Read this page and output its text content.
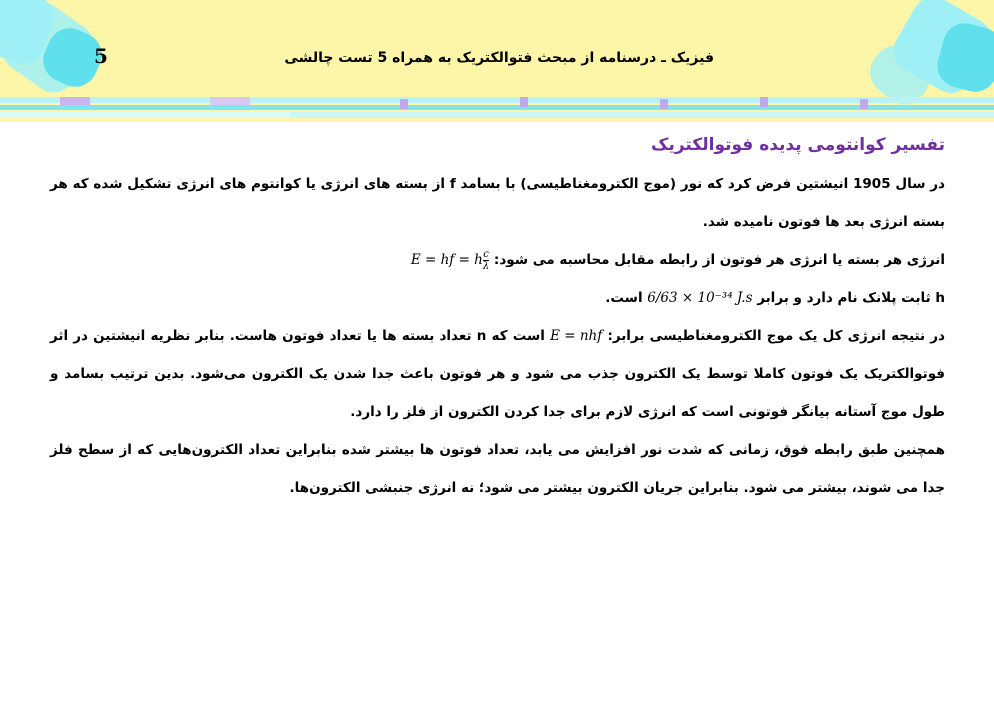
5	فیزیک ـ درسنامه از مبحث فتوالکتریک به همراه 5 تست چالشی
تفسیر کوانتومی پدیده فوتوالکتریک

در سال 1905 انیشتین فرض کرد که نور (موج الکترومغناطیسی) با بسامد f از بسته های انرژی یا کوانتوم های انرژی تشکیل شده که هر بسته انرژی بعد ها فوتون نامیده شد.

انرژی هر بسته یا انرژی هر فوتون از رابطه مقابل محاسبه می شود: E = hf = h $\frac{c}{\lambda}$

h ثابت پلانک نام دارد و برابر 6/63 × 10⁻³⁴ J.s است.

در نتیجه انرژی کل یک موج الکترومغناطیسی برابر: E = nhf است که n تعداد بسته ها یا تعداد فوتون هاست. بنابر نظریه انیشتین در اثر فوتوالکتریک یک فوتون کاملا توسط یک الکترون جذب می شود و هر فوتون باعث جدا شدن یک الکترون می‌شود. بدین ترتیب بسامد و طول موج آستانه بیانگر فوتونی است که انرژی لازم برای جدا کردن الکترون از فلز را دارد.

همچنین طبق رابطه فوق، زمانی که شدت نور افزایش می یابد، تعداد فوتون ها بیشتر شده بنابراین تعداد الکترون‌هایی که از سطح فلز جدا می شوند، بیشتر می شود. بنابراین جریان الکترون بیشتر می شود؛ نه انرژی جنبشی الکترون‌ها.
